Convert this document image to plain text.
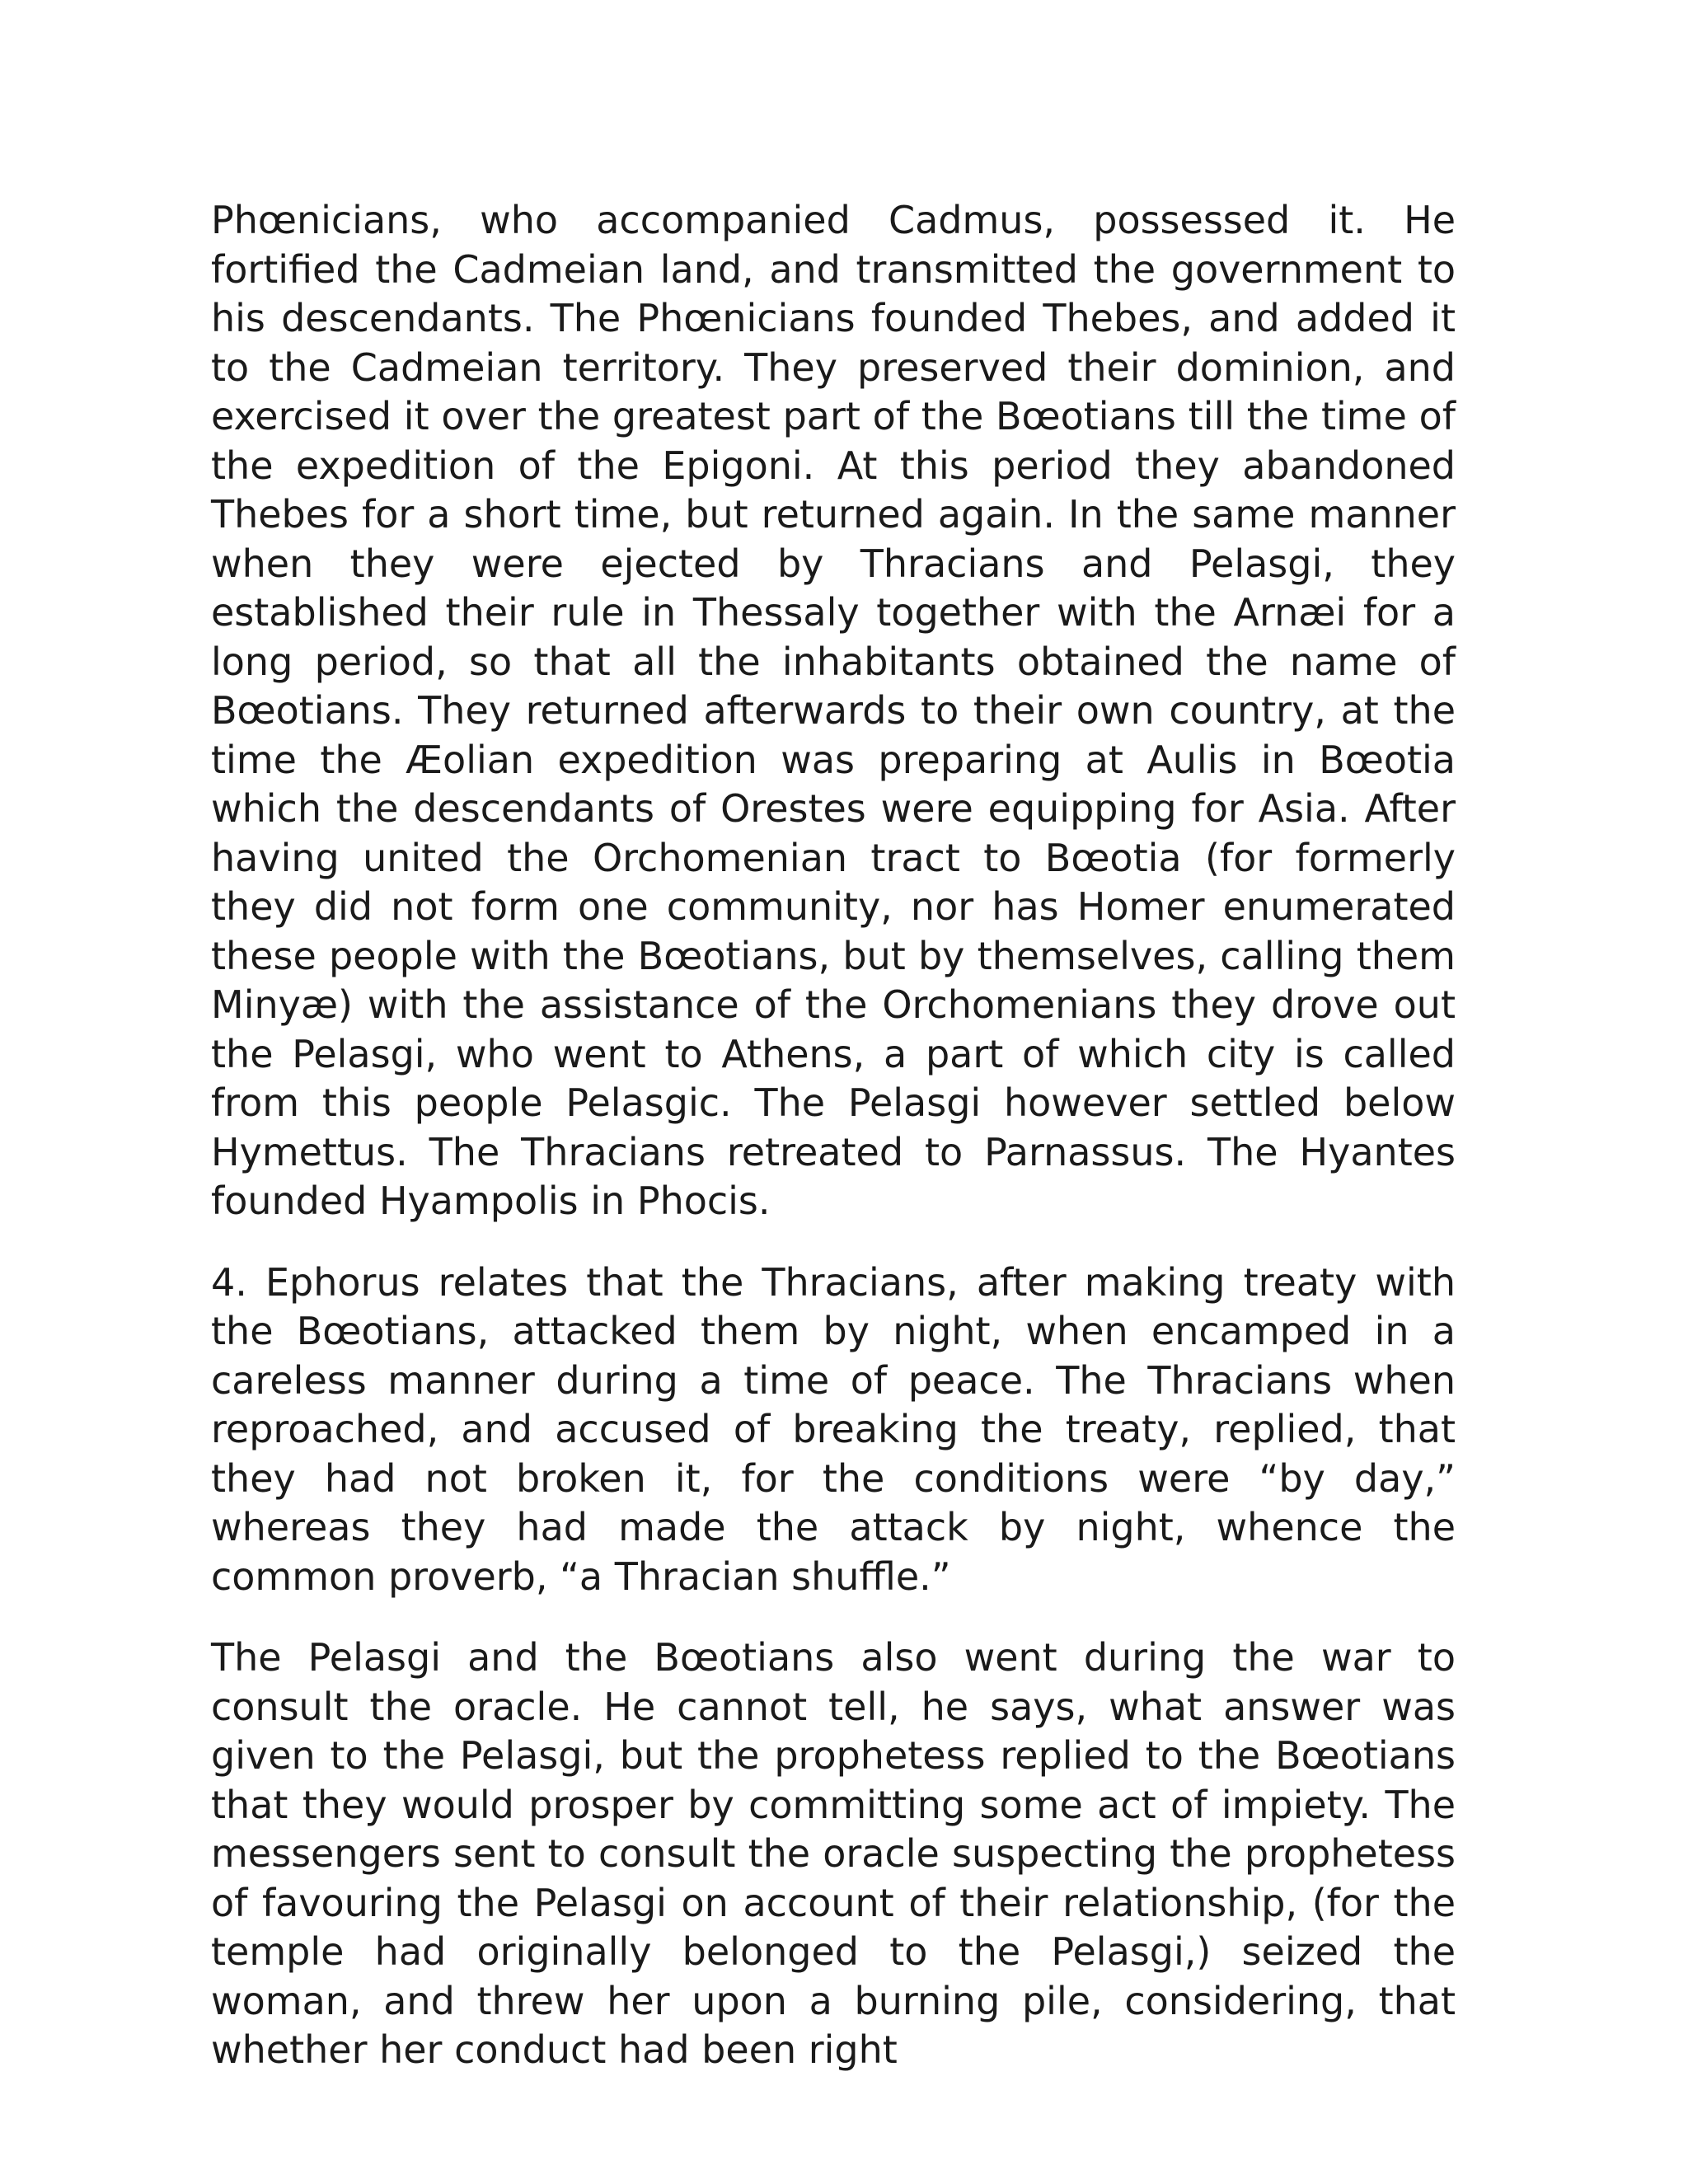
Phœnicians, who accompanied Cadmus, possessed it. He fortified the Cadmeian land, and transmitted the government to his descendants. The Phœnicians founded Thebes, and added it to the Cadmeian territory. They preserved their dominion, and exercised it over the greatest part of the Bœotians till the time of the expedition of the Epigoni. At this period they abandoned Thebes for a short time, but returned again. In the same manner when they were ejected by Thracians and Pelasgi, they established their rule in Thessaly together with the Arnæi for a long period, so that all the inhabitants obtained the name of Bœotians. They returned afterwards to their own country, at the time the Æolian expedition was preparing at Aulis in Bœotia which the descendants of Orestes were equipping for Asia. After having united the Orchomenian tract to Bœotia (for formerly they did not form one community, nor has Homer enumerated these people with the Bœotians, but by themselves, calling them Minyæ) with the assistance of the Orchomenians they drove out the Pelasgi, who went to Athens, a part of which city is called from this people Pelasgic. The Pelasgi however settled below Hymettus. The Thracians retreated to Parnassus. The Hyantes founded Hyampolis in Phocis.

4. Ephorus relates that the Thracians, after making treaty with the Bœotians, attacked them by night, when encamped in a careless manner during a time of peace. The Thracians when reproached, and accused of breaking the treaty, replied, that they had not broken it, for the conditions were “by day,” whereas they had made the attack by night, whence the common proverb, “a Thracian shuffle.”

The Pelasgi and the Bœotians also went during the war to consult the oracle. He cannot tell, he says, what answer was given to the Pelasgi, but the prophetess replied to the Bœotians that they would prosper by committing some act of impiety. The messengers sent to consult the oracle suspecting the prophetess of favouring the Pelasgi on account of their relationship, (for the temple had originally belonged to the Pelasgi,) seized the woman, and threw her upon a burning pile, considering, that whether her conduct had been right
